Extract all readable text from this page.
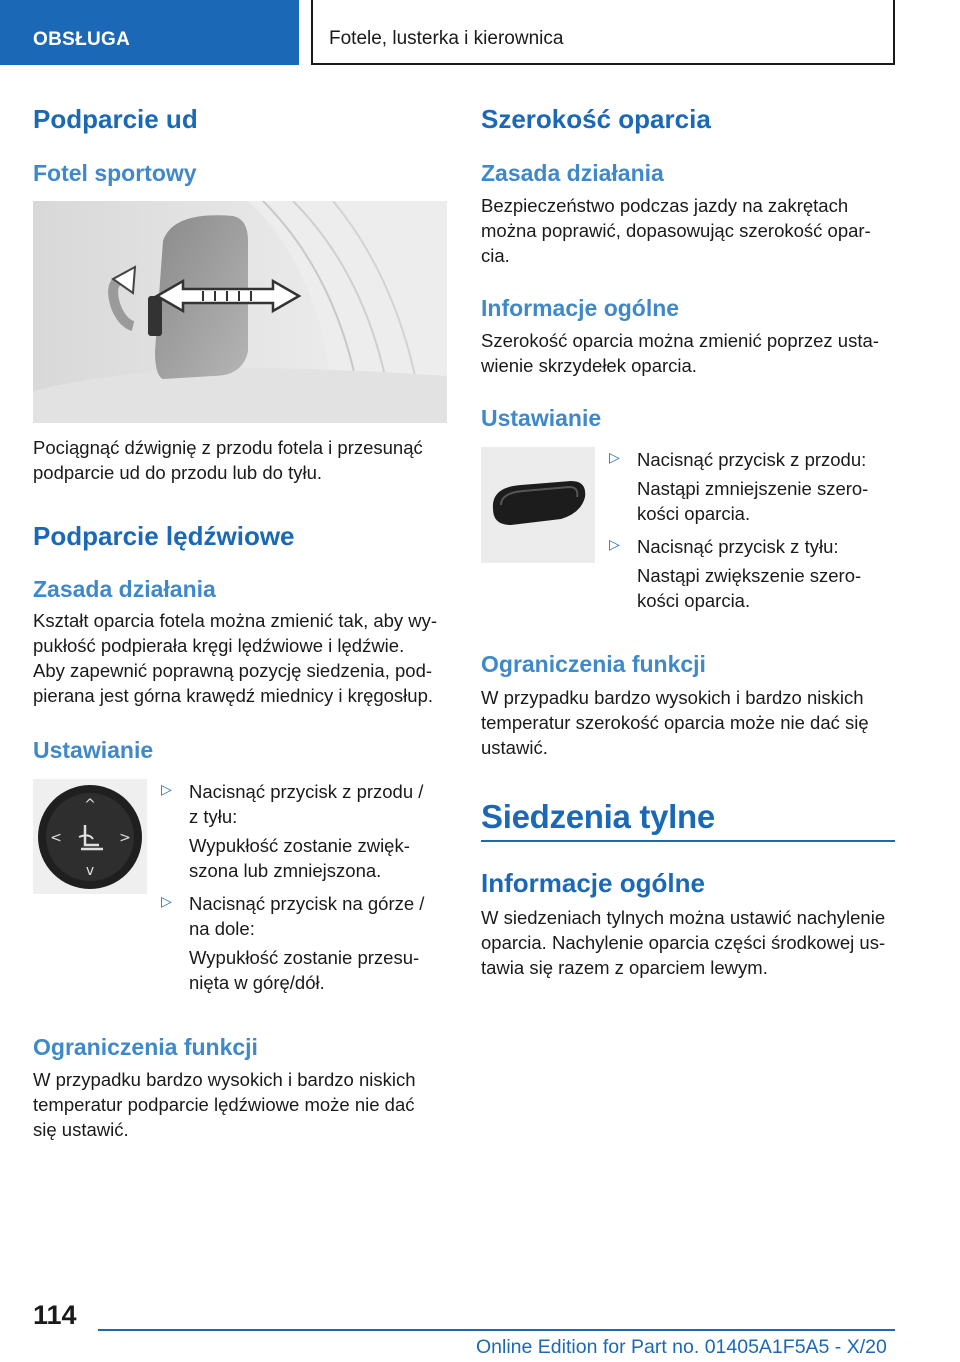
OBSŁUGA	Fotele, lusterka i kierownica
Podparcie ud
Fotel sportowy

Pociągnąć dźwignię z przodu fotela i przesunąć

podparcie ud do przodu lub do tyłu.

Podparcie lędźwiowe
Zasada działania

Kształt oparcia fotela można zmienić tak, aby wy‐

pukłość podpierała kręgi lędźwiowe i lędźwie.

Aby zapewnić poprawną pozycję siedzenia, pod‐

pierana jest górna krawędź miednicy i kręgosłup.

Ustawianie
^
v
<	>
▷ Nacisnąć przycisk z przodu /
z tyłu:
Wypukłość zostanie zwięk‐
szona lub zmniejszona.
▷ Nacisnąć przycisk na górze /
na dole:
Wypukłość zostanie przesu‐
nięta w górę/dół.
Ograniczenia funkcji

W przypadku bardzo wysokich i bardzo niskich

temperatur podparcie lędźwiowe może nie dać

się ustawić.

Szerokość oparcia
Zasada działania

Bezpieczeństwo podczas jazdy na zakrętach

można poprawić, dopasowując szerokość opar‐

cia.

Informacje ogólne

Szerokość oparcia można zmienić poprzez usta‐

wienie skrzydełek oparcia.

Ustawianie
▷ Nacisnąć przycisk z przodu:
Nastąpi zmniejszenie szero‐
kości oparcia.
▷ Nacisnąć przycisk z tyłu:
Nastąpi zwiększenie szero‐
kości oparcia.
Ograniczenia funkcji

W przypadku bardzo wysokich i bardzo niskich

temperatur szerokość oparcia może nie dać się

ustawić.

Siedzenia tylne
Informacje ogólne

W siedzeniach tylnych można ustawić nachylenie

oparcia. Nachylenie oparcia części środkowej us‐

tawia się razem z oparciem lewym.

114
Online Edition for Part no. 01405A1F5A5 - X/20
